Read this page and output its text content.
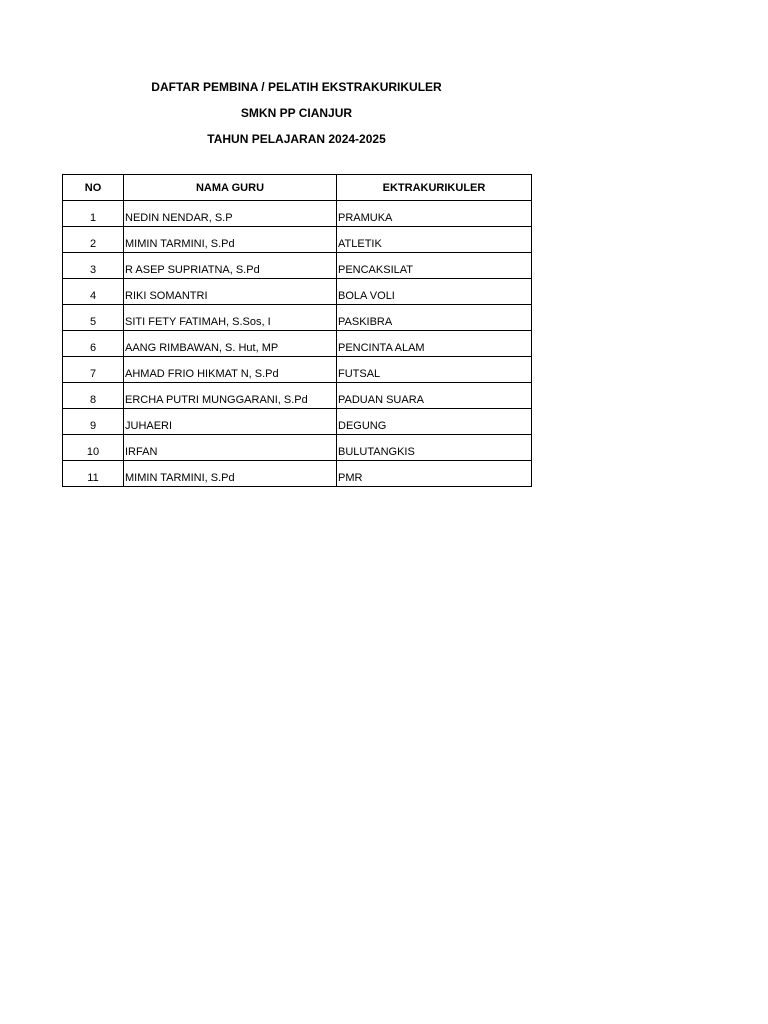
DAFTAR PEMBINA / PELATIH EKSTRAKURIKULER
SMKN PP CIANJUR
TAHUN PELAJARAN 2024-2025
NO	NAMA GURU	EKTRAKURIKULER
1	NEDIN NENDAR, S.P	PRAMUKA
2	MIMIN TARMINI, S.Pd	ATLETIK
3	R ASEP SUPRIATNA, S.Pd	PENCAKSILAT
4	RIKI SOMANTRI	BOLA VOLI
5	SITI FETY FATIMAH, S.Sos, I	PASKIBRA
6	AANG RIMBAWAN, S. Hut, MP	PENCINTA ALAM
7	AHMAD FRIO HIKMAT N, S.Pd	FUTSAL
8	ERCHA PUTRI MUNGGARANI, S.Pd	PADUAN SUARA
9	JUHAERI	DEGUNG
10	IRFAN	BULUTANGKIS
11	MIMIN TARMINI, S.Pd	PMR
